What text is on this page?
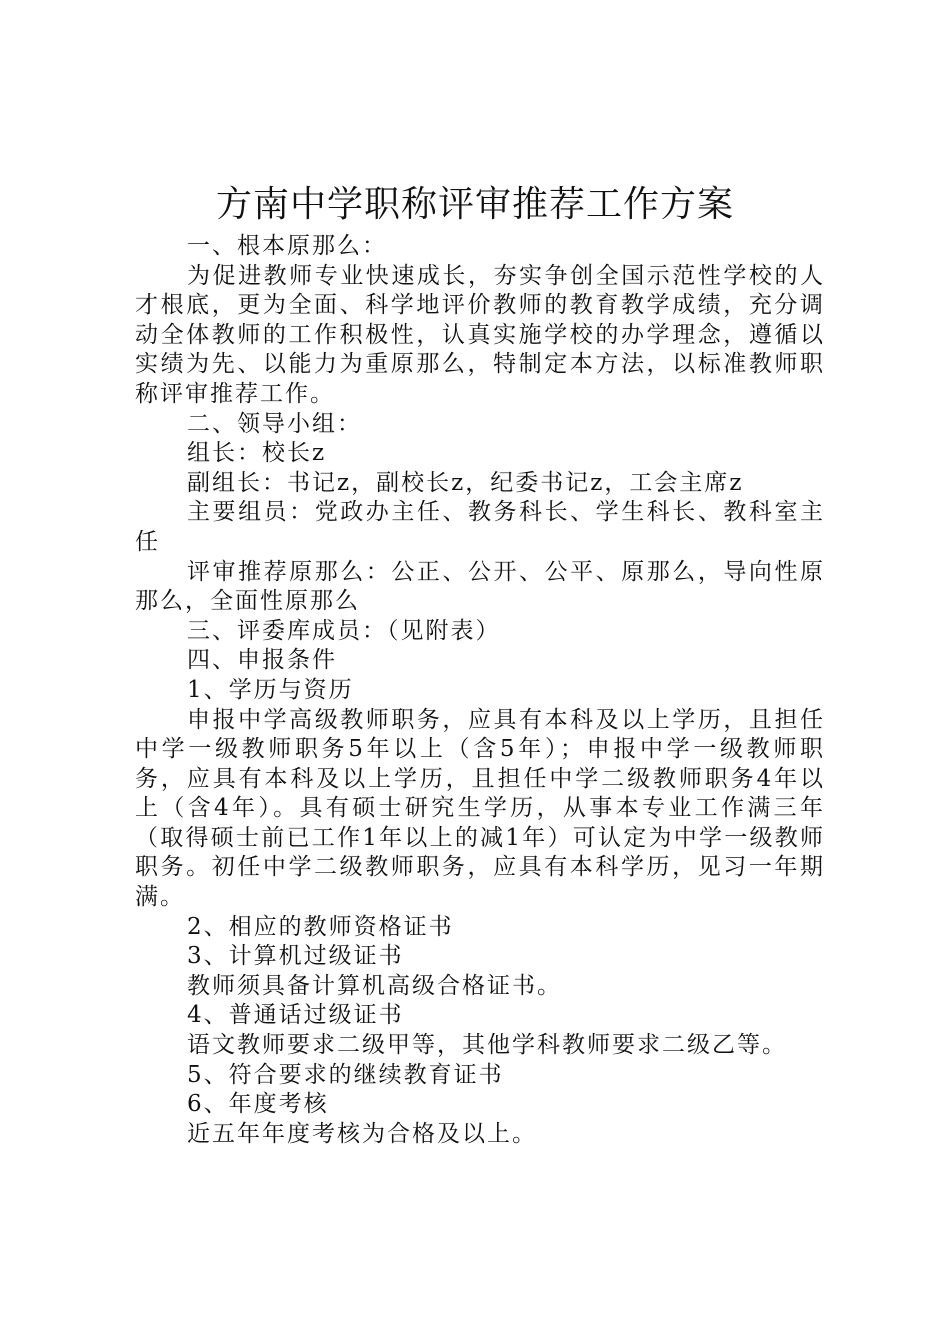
方南中学职称评审推荐工作方案

一、根本原那么：

为促进教师专业快速成长，夯实争创全国示范性学校的人才根底，更为全面、科学地评价教师的教育教学成绩，充分调动全体教师的工作积极性，认真实施学校的办学理念，遵循以实绩为先、以能力为重原那么，特制定本方法，以标准教师职称评审推荐工作。

二、领导小组：

组长：校长z

副组长：书记z，副校长z，纪委书记z，工会主席z

主要组员：党政办主任、教务科长、学生科长、教科室主任

评审推荐原那么：公正、公开、公平、原那么，导向性原那么，全面性原那么

三、评委库成员：（见附表）

四、申报条件

1、学历与资历

申报中学高级教师职务，应具有本科及以上学历，且担任中学一级教师职务5年以上（含5年）；申报中学一级教师职务，应具有本科及以上学历，且担任中学二级教师职务4年以上（含4年）。具有硕士研究生学历，从事本专业工作满三年（取得硕士前已工作1年以上的减1年）可认定为中学一级教师职务。初任中学二级教师职务，应具有本科学历，见习一年期满。

2、相应的教师资格证书

3、计算机过级证书

教师须具备计算机高级合格证书。

4、普通话过级证书

语文教师要求二级甲等，其他学科教师要求二级乙等。

5、符合要求的继续教育证书

6、年度考核

近五年年度考核为合格及以上。
